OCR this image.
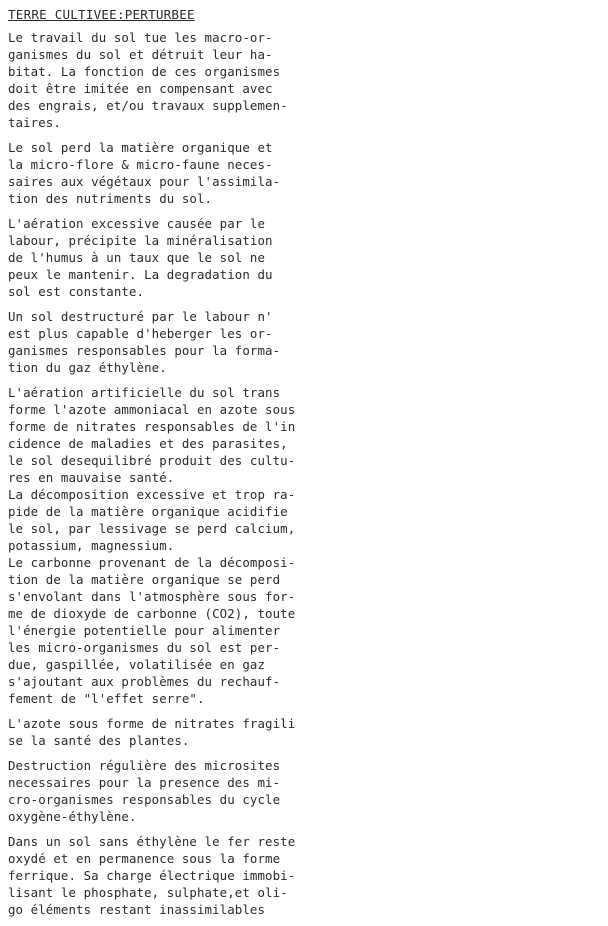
TERRE CULTIVEE:PERTURBEE
Le travail du sol tue les macro-or-
ganismes du sol et détruit leur ha-
bitat. La fonction de ces organismes
doit être imitée en compensant avec
des engrais, et/ou travaux supplemen-
taires.
Le sol perd la matière organique et
la micro-flore & micro-faune neces-
saires aux végétaux pour l'assimila-
tion des nutriments du sol.
L'aération excessive causée par le
labour, précipite la minéralisation
de l'humus à un taux que le sol ne
peux le mantenir. La degradation du
sol est constante.
Un sol destructuré par le labour n'
est plus capable d'heberger les or-
ganismes responsables pour la forma-
tion du gaz éthylène.
L'aération artificielle du sol trans
forme l'azote ammoniacal en azote sous
forme de nitrates responsables de l'in
cidence de maladies et des parasites,
le sol desequilibré produit des cultu-
res en mauvaise santé.
La décomposition excessive et trop ra-
pide de la matière organique acidifie
le sol, par lessivage se perd calcium,
potassium, magnessium.
Le carbonne provenant de la décomposi-
tion de la matière organique se perd
s'envolant dans l'atmosphère sous for-
me de dioxyde de carbonne (CO2), toute
l'énergie potentielle pour alimenter
les micro-organismes du sol est per-
due, gaspillée, volatilisée en gaz
s'ajoutant aux problèmes du rechauf-
fement de "l'effet serre".
L'azote sous forme de nitrates fragili
se la santé des plantes.
Destruction régulière des microsites
necessaires pour la presence des mi-
cro-organismes responsables du cycle
oxygène-éthylène.
Dans un sol sans éthylène le fer reste
oxydé et en permanence sous la forme
ferrique. Sa charge électrique immobi-
lisant le phosphate, sulphate,et oli-
go éléments restant inassimilables
